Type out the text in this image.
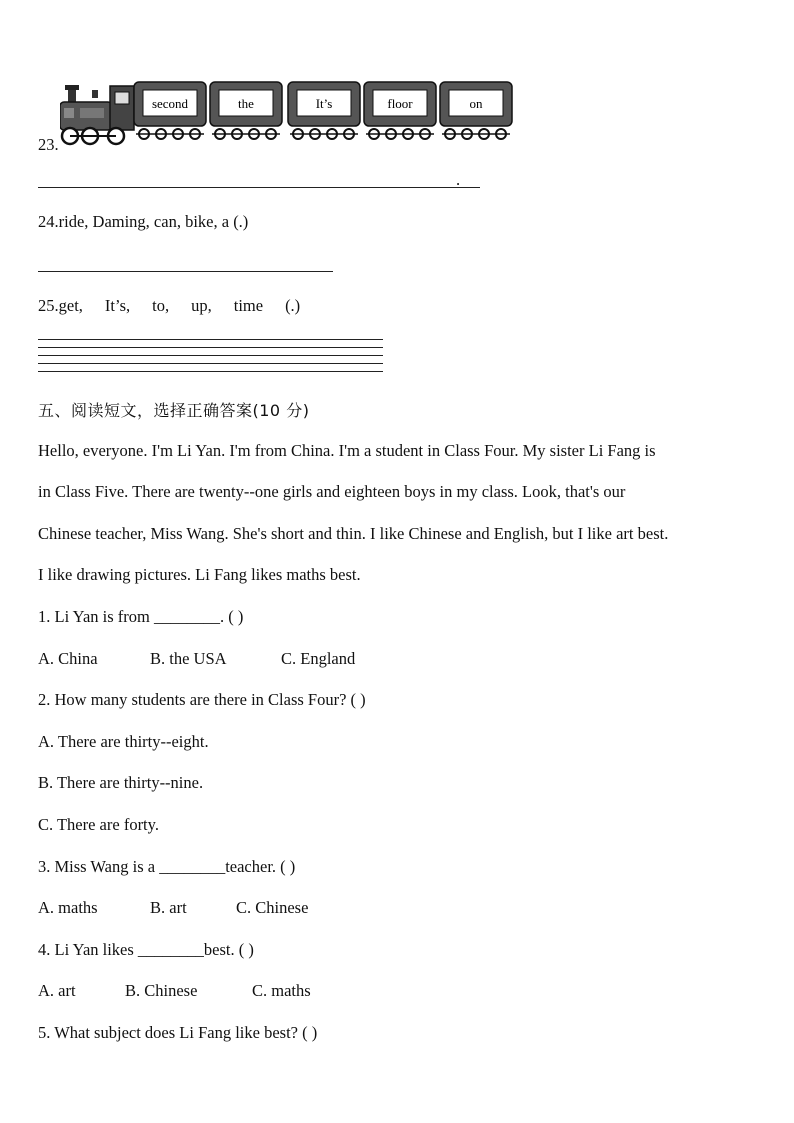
second	the	It’s	floor	on
23.
.
24.ride, Daming, can, bike, a (.)
25.get, It’s, to, up, time (.)
五、阅读短文，选择正确答案(10 分)
Hello, everyone. I'm Li Yan. I'm from China. I'm a student in Class Four. My sister Li Fang is
in Class Five. There are twenty--one girls and eighteen boys in my class. Look, that's our
Chinese teacher, Miss Wang. She's short and thin. I like Chinese and English, but I like art best.
I like drawing pictures. Li Fang likes maths best.
1. Li Yan is from ________. ( )
A. China	B. the USA	C. England
2. How many students are there in Class Four? ( )
A. There are thirty--eight.
B. There are thirty--nine.
C. There are forty.
3. Miss Wang is a ________teacher. ( )
A. maths	B. art	C. Chinese
4. Li Yan likes ________best. ( )
A. art	B. Chinese	C. maths
5. What subject does Li Fang like best? ( )
